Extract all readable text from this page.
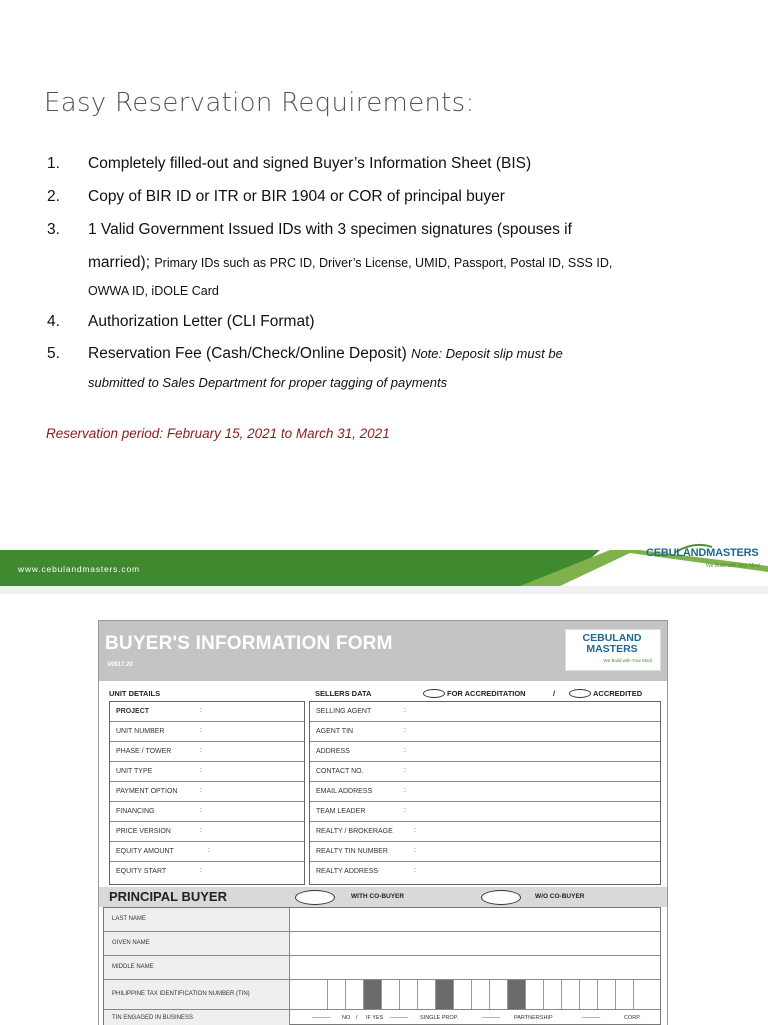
Easy Reservation Requirements:
1. Completely filled-out and signed Buyer’s Information Sheet (BIS)
2. Copy of BIR ID or ITR or BIR 1904 or COR of principal buyer
3. 1 Valid Government Issued IDs with 3 specimen signatures (spouses if
married); Primary IDs such as PRC ID, Driver’s License, UMID, Passport, Postal ID, SSS ID,
OWWA ID, iDOLE Card
4. Authorization Letter (CLI Format)
5. Reservation Fee (Cash/Check/Online Deposit) Note: Deposit slip must be
submitted to Sales Department for proper tagging of payments
Reservation period: February 15, 2021 to March 31, 2021
www.cebulandmasters.com
CEBULANDMASTERS
We Build with Your Mind
BUYER'S INFORMATION FORM
V0917.20
CEBULAND
MASTERS
We Build with Your Mind
UNIT DETAILS	SELLERS DATA	FOR ACCREDITATION	/	ACCREDITED
PROJECT	:
UNIT NUMBER	:
PHASE / TOWER	:
UNIT TYPE	:
PAYMENT OPTION	:
FINANCING	:
PRICE VERSION	:
EQUITY AMOUNT	:
EQUITY START	:
SELLING AGENT	:
AGENT TIN	:
ADDRESS	:
CONTACT NO.	:
EMAIL ADDRESS	:
TEAM LEADER	:
REALTY / BROKERAGE	:
REALTY TIN NUMBER	:
REALTY ADDRESS	:
PRINCIPAL BUYER	WITH CO-BUYER	W/O CO-BUYER
LAST NAME
GIVEN NAME
MIDDLE NAME
PHILIPPINE TAX IDENTIFICATION NUMBER (TIN)
TIN ENGAGED IN BUSINESS	______ NO / IF YES ______ SINGLE PROP.	______ PARTNERSHIP	______	CORP.
